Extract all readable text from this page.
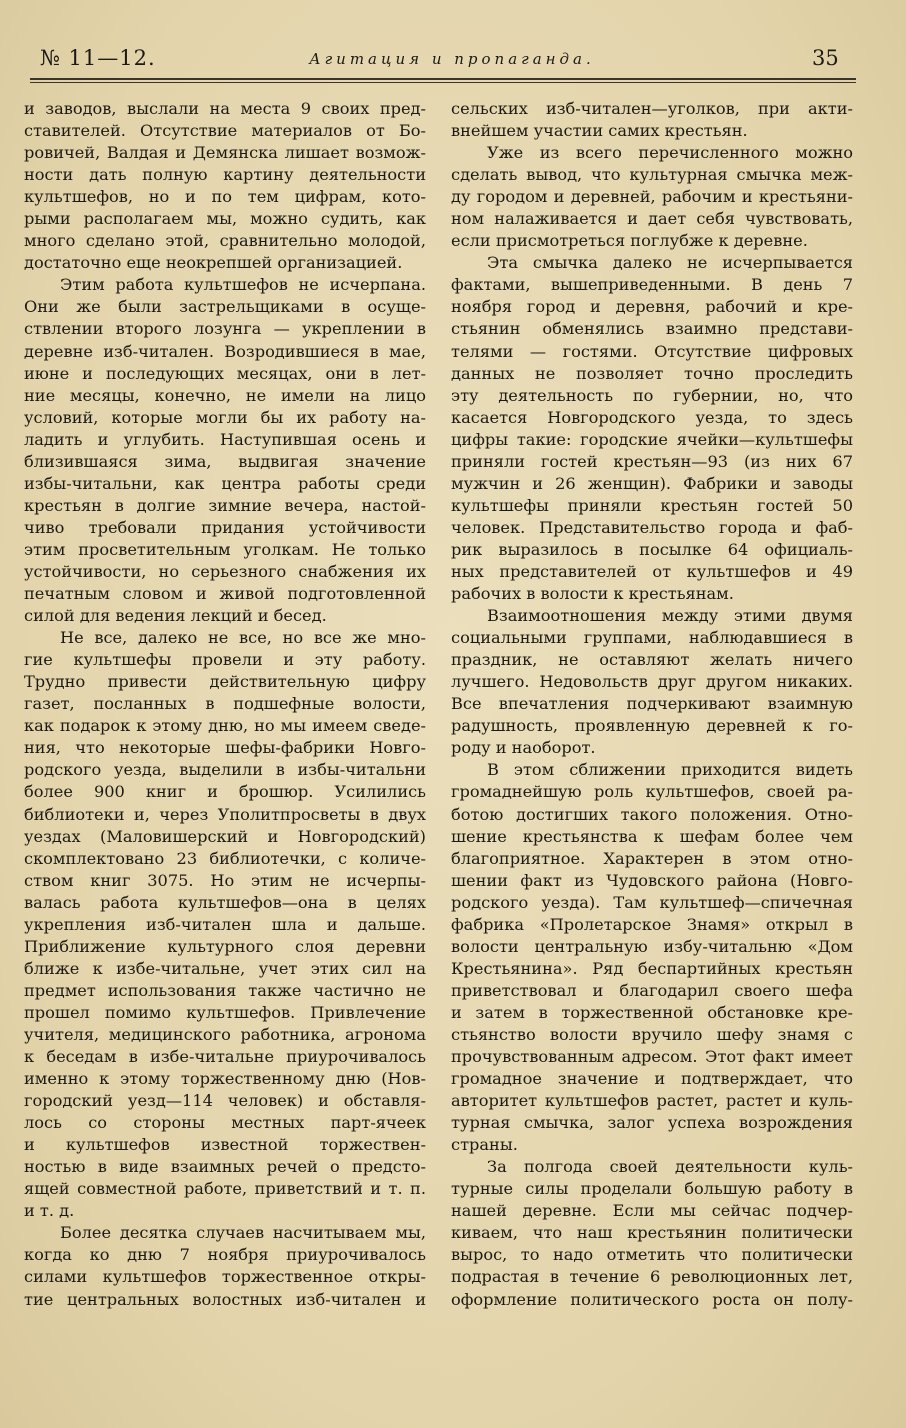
№ 11—12.	Агитация и пропаганда.	35
и заводов, выслали на места 9 своих пред-
ставителей. Отсутствие материалов от Бо-
ровичей, Валдая и Демянска лишает возмож-
ности дать полную картину деятельности
культшефов, но и по тем цифрам, кото-
рыми располагаем мы, можно судить, как
много сделано этой, сравнительно молодой,
достаточно еще неокрепшей организацией.
Этим работа культшефов не исчерпана.
Они же были застрельщиками в осуще-
ствлении второго лозунга — укреплении в
деревне изб-читален. Возродившиеся в мае,
июне и последующих месяцах, они в лет-
ние месяцы, конечно, не имели на лицо
условий, которые могли бы их работу на-
ладить и углубить. Наступившая осень и
близившаяся зима, выдвигая значение
избы-читальни, как центра работы среди
крестьян в долгие зимние вечера, настой-
чиво требовали придания устойчивости
этим просветительным уголкам. Не только
устойчивости, но серьезного снабжения их
печатным словом и живой подготовленной
силой для ведения лекций и бесед.
Не все, далеко не все, но все же мно-
гие культшефы провели и эту работу.
Трудно привести действительную цифру
газет, посланных в подшефные волости,
как подарок к этому дню, но мы имеем сведе-
ния, что некоторые шефы-фабрики Новго-
родского уезда, выделили в избы-читальни
более 900 книг и брошюр. Усилились
библиотеки и, через Уполитпросветы в двух
уездах (Маловишерский и Новгородский)
скомплектовано 23 библиотечки, с количе-
ством книг 3075. Но этим не исчерпы-
валась работа культшефов—она в целях
укрепления изб-читален шла и дальше.
Приближение культурного слоя деревни
ближе к избе-читальне, учет этих сил на
предмет использования также частично не
прошел помимо культшефов. Привлечение
учителя, медицинского работника, агронома
к беседам в избе-читальне приурочивалось
именно к этому торжественному дню (Нов-
городский уезд—114 человек) и обставля-
лось со стороны местных парт-ячеек
и культшефов известной торжествен-
ностью в виде взаимных речей о предсто-
ящей совместной работе, приветствий и т. п.
и т. д.
Более десятка случаев насчитываем мы,
когда ко дню 7 ноября приурочивалось
силами культшефов торжественное откры-
тие центральных волостных изб-читален и
сельских изб-читален—уголков, при акти-
внейшем участии самих крестьян.
Уже из всего перечисленного можно
сделать вывод, что культурная смычка меж-
ду городом и деревней, рабочим и крестьяни-
ном налаживается и дает себя чувствовать,
если присмотреться поглубже к деревне.
Эта смычка далеко не исчерпывается
фактами, вышеприведенными. В день 7
ноября город и деревня, рабочий и кре-
стьянин обменялись взаимно представи-
телями — гостями. Отсутствие цифровых
данных не позволяет точно проследить
эту деятельность по губернии, но, что
касается Новгородского уезда, то здесь
цифры такие: городские ячейки—культшефы
приняли гостей крестьян—93 (из них 67
мужчин и 26 женщин). Фабрики и заводы
культшефы приняли крестьян гостей 50
человек. Представительство города и фаб-
рик выразилось в посылке 64 официаль-
ных представителей от культшефов и 49
рабочих в волости к крестьянам.
Взаимоотношения между этими двумя
социальными группами, наблюдавшиеся в
праздник, не оставляют желать ничего
лучшего. Недовольств друг другом никаких.
Все впечатления подчеркивают взаимную
радушность, проявленную деревней к го-
роду и наоборот.
В этом сближении приходится видеть
громаднейшую роль культшефов, своей ра-
ботою достигших такого положения. Отно-
шение крестьянства к шефам более чем
благоприятное. Характерен в этом отно-
шении факт из Чудовского района (Новго-
родского уезда). Там культшеф—спичечная
фабрика «Пролетарское Знамя» открыл в
волости центральную избу-читальню «Дом
Крестьянина». Ряд беспартийных крестьян
приветствовал и благодарил своего шефа
и затем в торжественной обстановке кре-
стьянство волости вручило шефу знамя с
прочувствованным адресом. Этот факт имеет
громадное значение и подтверждает, что
авторитет культшефов растет, растет и куль-
турная смычка, залог успеха возрождения
страны.
За полгода своей деятельности куль-
турные силы проделали большую работу в
нашей деревне. Если мы сейчас подчер-
киваем, что наш крестьянин политически
вырос, то надо отметить что политически
подрастая в течение 6 революционных лет,
оформление политического роста он полу-
